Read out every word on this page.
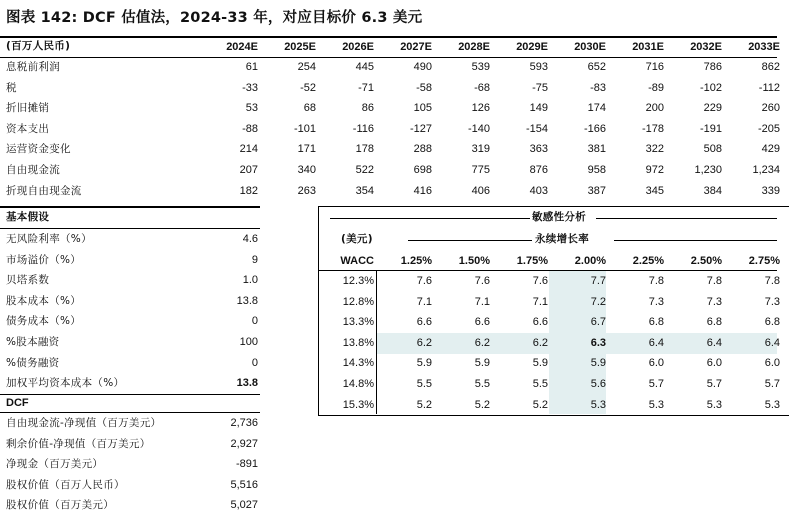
图表 142: DCF 估值法，2024-33 年，对应目标价 6.3 美元
(百万人民币)	2024E	2025E	2026E	2027E	2028E	2029E	2030E	2031E	2032E	2033E
息税前利润	61	254	445	490	539	593	652	716	786	862
税	-33	-52	-71	-58	-68	-75	-83	-89	-102	-112
折旧摊销	53	68	86	105	126	149	174	200	229	260
资本支出	-88	-101	-116	-127	-140	-154	-166	-178	-191	-205
运营资金变化	214	171	178	288	319	363	381	322	508	429
自由现金流	207	340	522	698	775	876	958	972	1,230	1,234
折现自由现金流	182	263	354	416	406	403	387	345	384	339
基本假设
无风险利率（%）	4.6
市场溢价（%）	9
贝塔系数	1.0
股本成本（%）	13.8
债务成本（%）	0
%股本融资	100
%债务融资	0
加权平均资本成本（%）	13.8
DCF
自由现金流-净现值（百万美元）	2,736
剩余价值-净现值（百万美元）	2,927
净现金（百万美元）	-891
股权价值（百万人民币）	5,516
股权价值（百万美元）	5,027
敏感性分析
(美元)	永续增长率
WACC	1.25%	1.50%	1.75%	2.00%	2.25%	2.50%	2.75%
12.3%	7.6	7.6	7.6	7.7	7.8	7.8	7.8
12.8%	7.1	7.1	7.1	7.2	7.3	7.3	7.3
13.3%	6.6	6.6	6.6	6.7	6.8	6.8	6.8
13.8%	6.2	6.2	6.2	6.3	6.4	6.4	6.4
14.3%	5.9	5.9	5.9	5.9	6.0	6.0	6.0
14.8%	5.5	5.5	5.5	5.6	5.7	5.7	5.7
15.3%	5.2	5.2	5.2	5.3	5.3	5.3	5.3
